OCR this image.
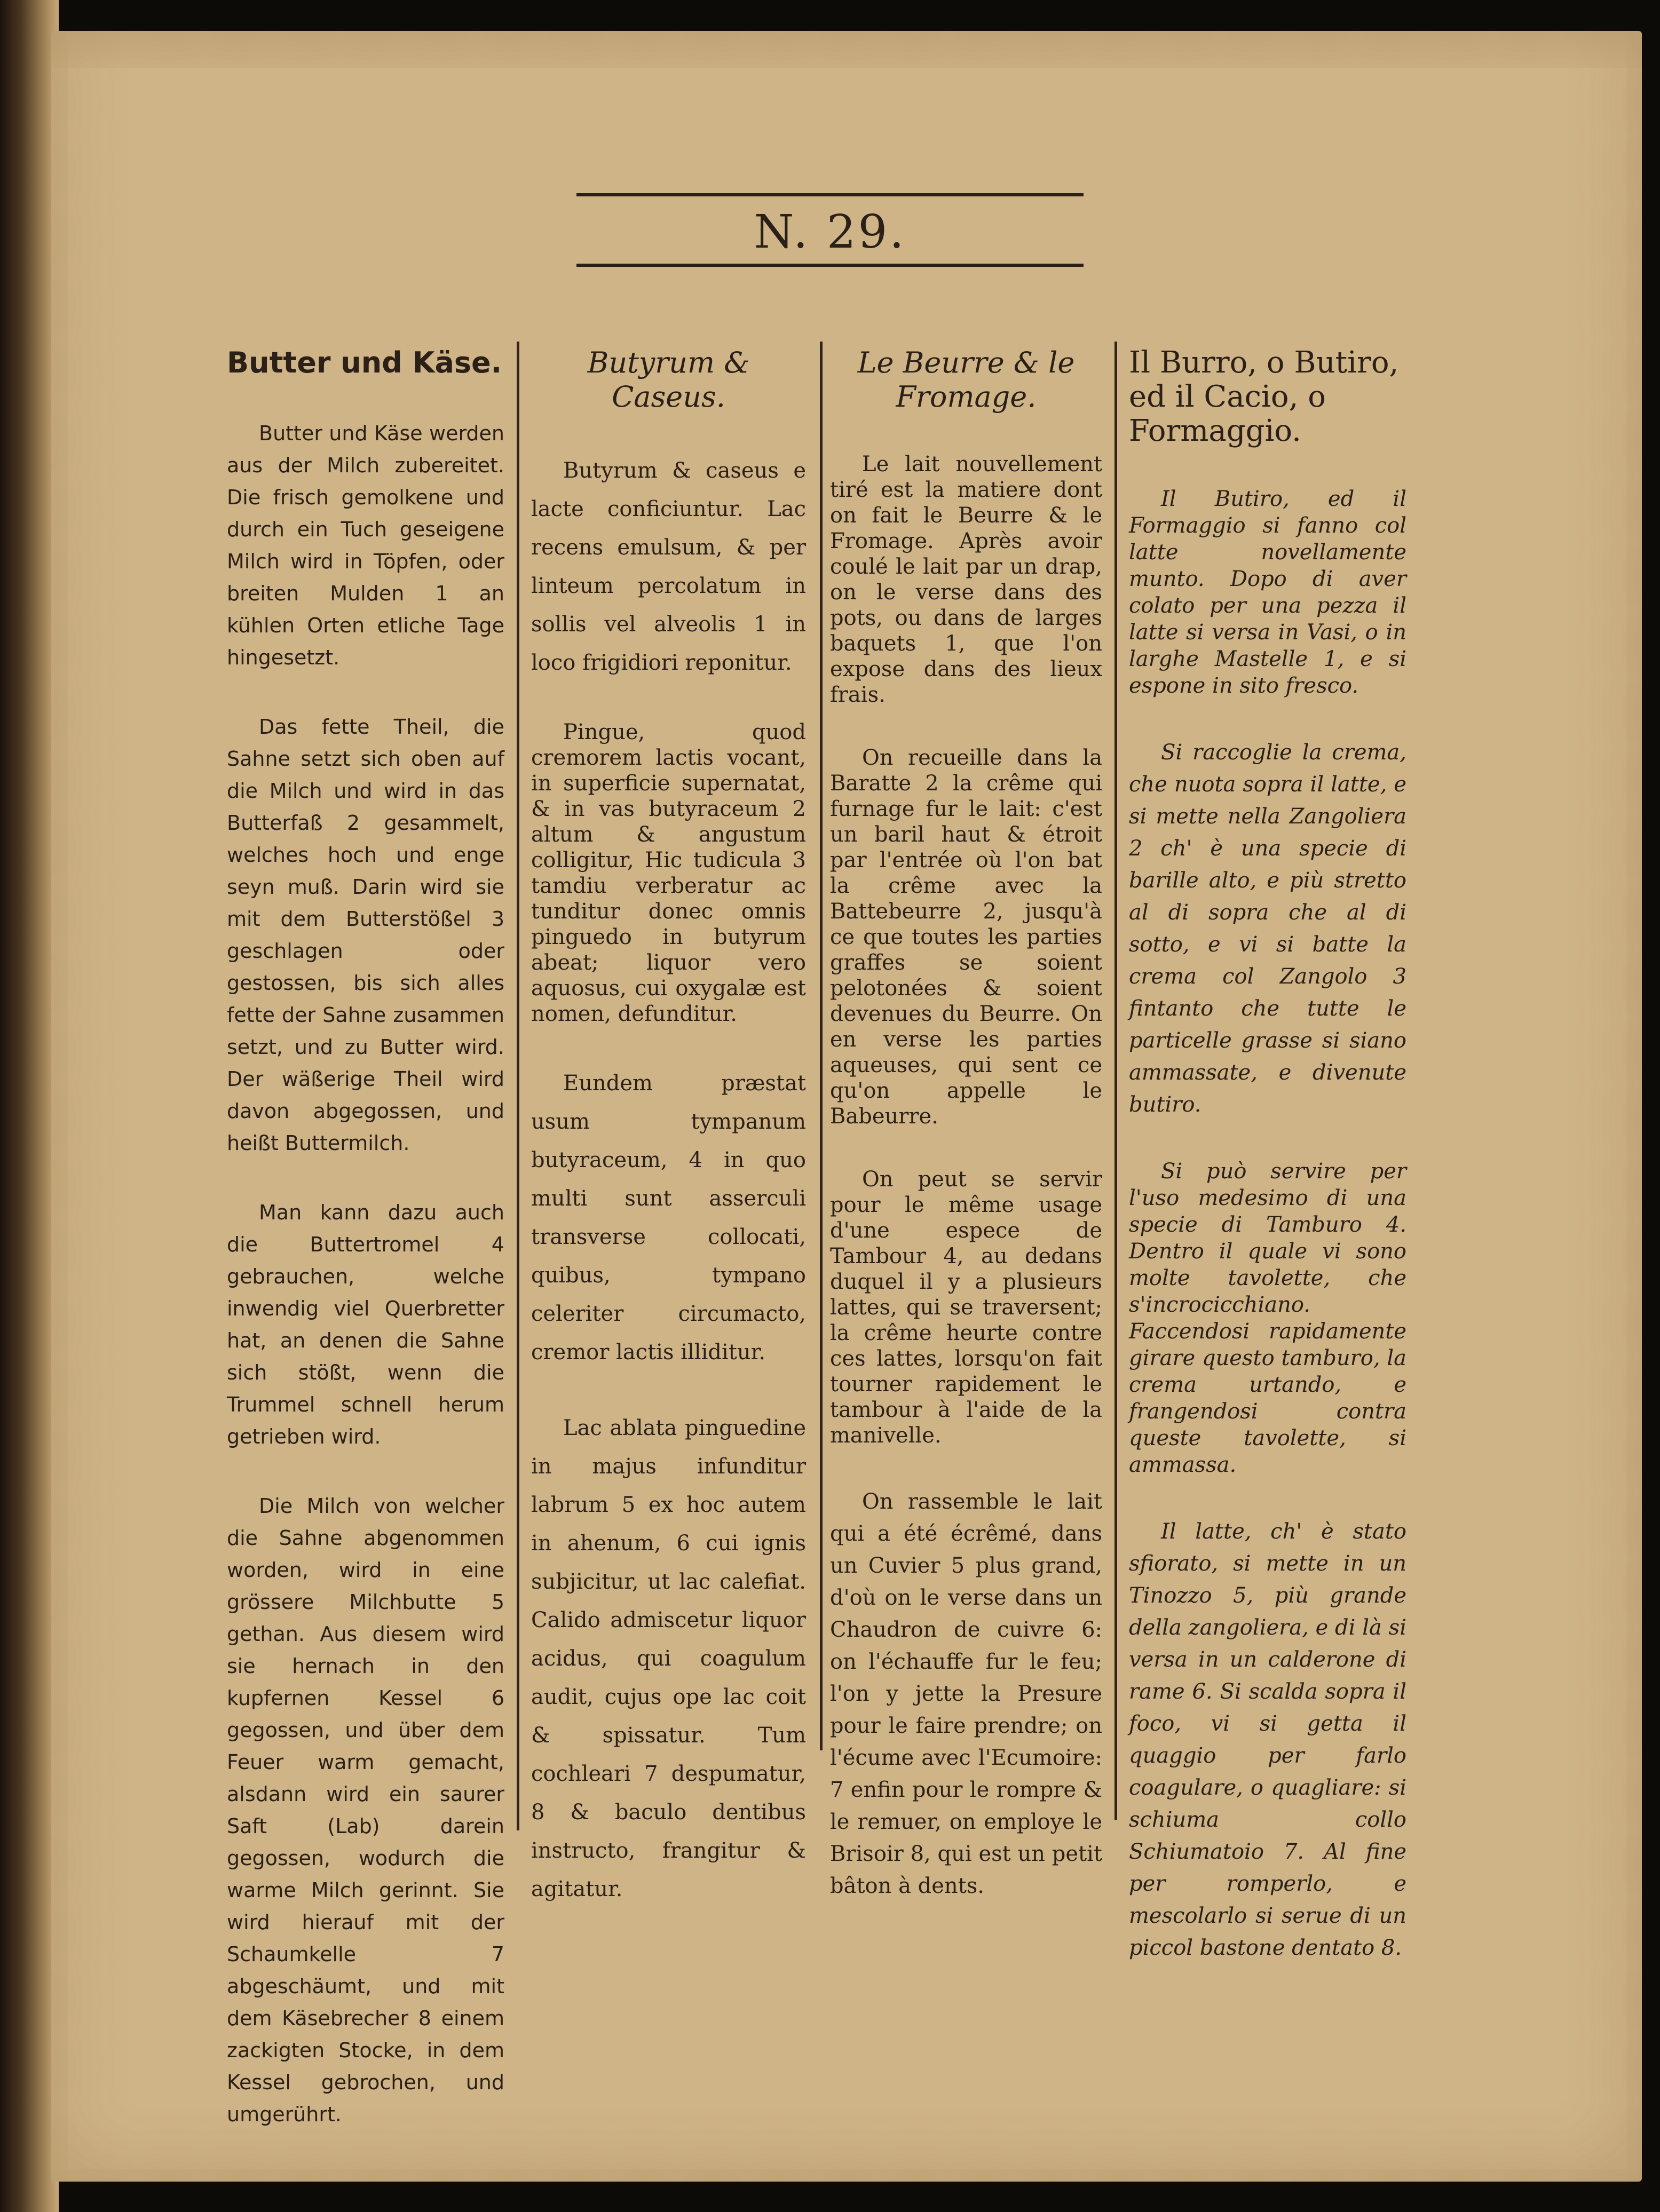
N. 29.
Butter und Käse.

Butter und Käse werden aus der Milch zubereitet. Die frisch gemolkene und durch ein Tuch geseigene Milch wird in Töpfen, oder breiten Mulden 1 an kühlen Orten etliche Tage hingesetzt.

Das fette Theil, die Sahne setzt sich oben auf die Milch und wird in das Butterfaß 2 gesammelt, welches hoch und enge seyn muß. Darin wird sie mit dem Butterstößel 3 geschlagen oder gestossen, bis sich alles fette der Sahne zusammen setzt, und zu Butter wird. Der wäßerige Theil wird davon abgegossen, und heißt Buttermilch.

Man kann dazu auch die Buttertromel 4 gebrauchen, welche inwendig viel Querbretter hat, an denen die Sahne sich stößt, wenn die Trummel schnell herum getrieben wird.

Die Milch von welcher die Sahne abgenommen worden, wird in eine grössere Milchbutte 5 gethan. Aus diesem wird sie hernach in den kupfernen Kessel 6 gegossen, und über dem Feuer warm gemacht, alsdann wird ein saurer Saft (Lab) darein gegossen, wodurch die warme Milch gerinnt. Sie wird hierauf mit der Schaumkelle 7 abgeschäumt, und mit dem Käsebrecher 8 einem zackigten Stocke, in dem Kessel gebrochen, und umgerührt.

Butyrum & Caseus.

Butyrum & caseus e lacte conficiuntur. Lac recens emulsum, & per linteum percolatum in sollis vel alveolis 1 in loco frigidiori reponitur.

Pingue, quod cremorem lactis vocant, in superficie supernatat, & in vas butyraceum 2 altum & angustum colligitur, Hic tudicula 3 tamdiu verberatur ac tunditur donec omnis pinguedo in butyrum abeat; liquor vero aquosus, cui oxygalæ est nomen, defunditur.

Eundem præstat usum tympanum butyraceum, 4 in quo multi sunt asserculi transverse collocati, quibus, tympano celeriter circumacto, cremor lactis illiditur.

Lac ablata pinguedine in majus infunditur labrum 5 ex hoc autem in ahenum, 6 cui ignis subjicitur, ut lac calefiat. Calido admiscetur liquor acidus, qui coagulum audit, cujus ope lac coit & spissatur. Tum cochleari 7 despumatur, 8 & baculo dentibus instructo, frangitur & agitatur.

Le Beurre & le Fromage.

Le lait nouvellement tiré est la matiere dont on fait le Beurre & le Fromage. Après avoir coulé le lait par un drap, on le verse dans des pots, ou dans de larges baquets 1, que l'on expose dans des lieux frais.

On recueille dans la Baratte 2 la crême qui furnage fur le lait: c'est un baril haut & étroit par l'entrée où l'on bat la crême avec la Battebeurre 2, jusqu'à ce que toutes les parties graffes se soient pelotonées & soient devenues du Beurre. On en verse les parties aqueuses, qui sent ce qu'on appelle le Babeurre.

On peut se servir pour le même usage d'une espece de Tambour 4, au dedans duquel il y a plusieurs lattes, qui se traversent; la crême heurte contre ces lattes, lorsqu'on fait tourner rapidement le tambour à l'aide de la manivelle.

On rassemble le lait qui a été écrêmé, dans un Cuvier 5 plus grand, d'où on le verse dans un Chaudron de cuivre 6: on l'échauffe fur le feu; l'on y jette la Presure pour le faire prendre; on l'écume avec l'Ecumoire: 7 enfin pour le rompre & le remuer, on employe le Brisoir 8, qui est un petit bâton à dents.

Il Burro, o Butiro, ed il Cacio, o Formaggio.

Il Butiro, ed il Formaggio si fanno col latte novellamente munto. Dopo di aver colato per una pezza il latte si versa in Vasi, o in larghe Mastelle 1, e si espone in sito fresco.

Si raccoglie la crema, che nuota sopra il latte, e si mette nella Zangoliera 2 ch' è una specie di barille alto, e più stretto al di sopra che al di sotto, e vi si batte la crema col Zangolo 3 fintanto che tutte le particelle grasse si siano ammassate, e divenute butiro.

Si può servire per l'uso medesimo di una specie di Tamburo 4. Dentro il quale vi sono molte tavolette, che s'incrocicchiano. Faccendosi rapidamente girare questo tamburo, la crema urtando, e frangendosi contra queste tavolette, si ammassa.

Il latte, ch' è stato sfiorato, si mette in un Tinozzo 5, più grande della zangoliera, e di là si versa in un calderone di rame 6. Si scalda sopra il foco, vi si getta il quaggio per farlo coagulare, o quagliare: si schiuma collo Schiumatoio 7. Al fine per romperlo, e mescolarlo si serue di un piccol bastone dentato 8.
